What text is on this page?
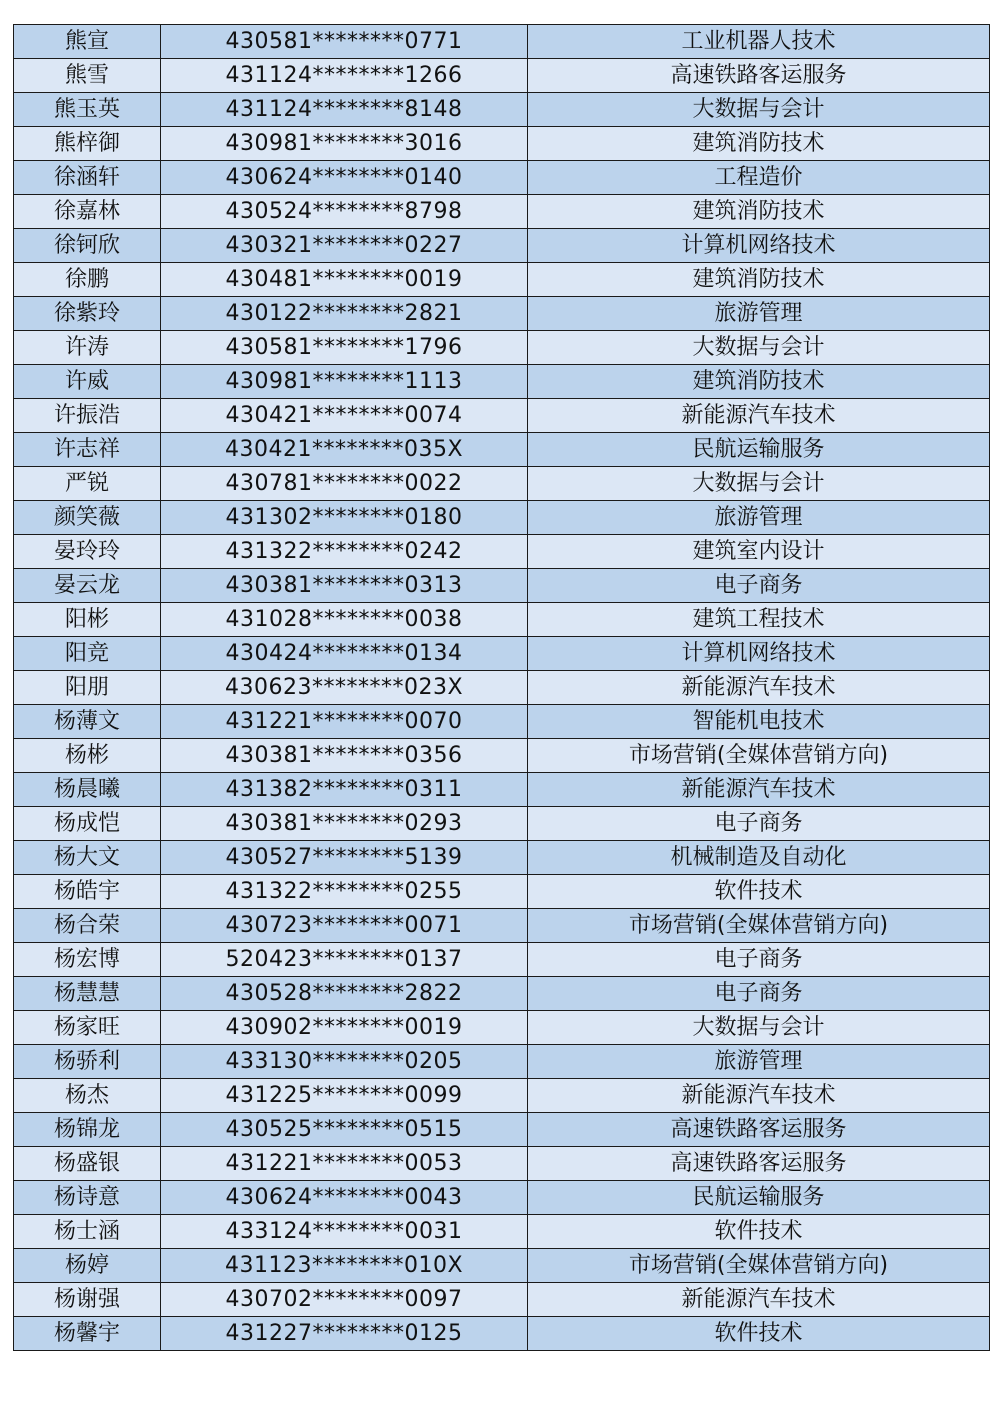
熊宣	430581********0771	工业机器人技术
熊雪	431124********1266	高速铁路客运服务
熊玉英	431124********8148	大数据与会计
熊梓御	430981********3016	建筑消防技术
徐涵轩	430624********0140	工程造价
徐嘉林	430524********8798	建筑消防技术
徐钶欣	430321********0227	计算机网络技术
徐鹏	430481********0019	建筑消防技术
徐紫玲	430122********2821	旅游管理
许涛	430581********1796	大数据与会计
许威	430981********1113	建筑消防技术
许振浩	430421********0074	新能源汽车技术
许志祥	430421********035X	民航运输服务
严锐	430781********0022	大数据与会计
颜笑薇	431302********0180	旅游管理
晏玲玲	431322********0242	建筑室内设计
晏云龙	430381********0313	电子商务
阳彬	431028********0038	建筑工程技术
阳竞	430424********0134	计算机网络技术
阳朋	430623********023X	新能源汽车技术
杨薄文	431221********0070	智能机电技术
杨彬	430381********0356	市场营销(全媒体营销方向)
杨晨曦	431382********0311	新能源汽车技术
杨成恺	430381********0293	电子商务
杨大文	430527********5139	机械制造及自动化
杨皓宇	431322********0255	软件技术
杨合荣	430723********0071	市场营销(全媒体营销方向)
杨宏博	520423********0137	电子商务
杨慧慧	430528********2822	电子商务
杨家旺	430902********0019	大数据与会计
杨骄利	433130********0205	旅游管理
杨杰	431225********0099	新能源汽车技术
杨锦龙	430525********0515	高速铁路客运服务
杨盛银	431221********0053	高速铁路客运服务
杨诗意	430624********0043	民航运输服务
杨士涵	433124********0031	软件技术
杨婷	431123********010X	市场营销(全媒体营销方向)
杨谢强	430702********0097	新能源汽车技术
杨馨宇	431227********0125	软件技术
